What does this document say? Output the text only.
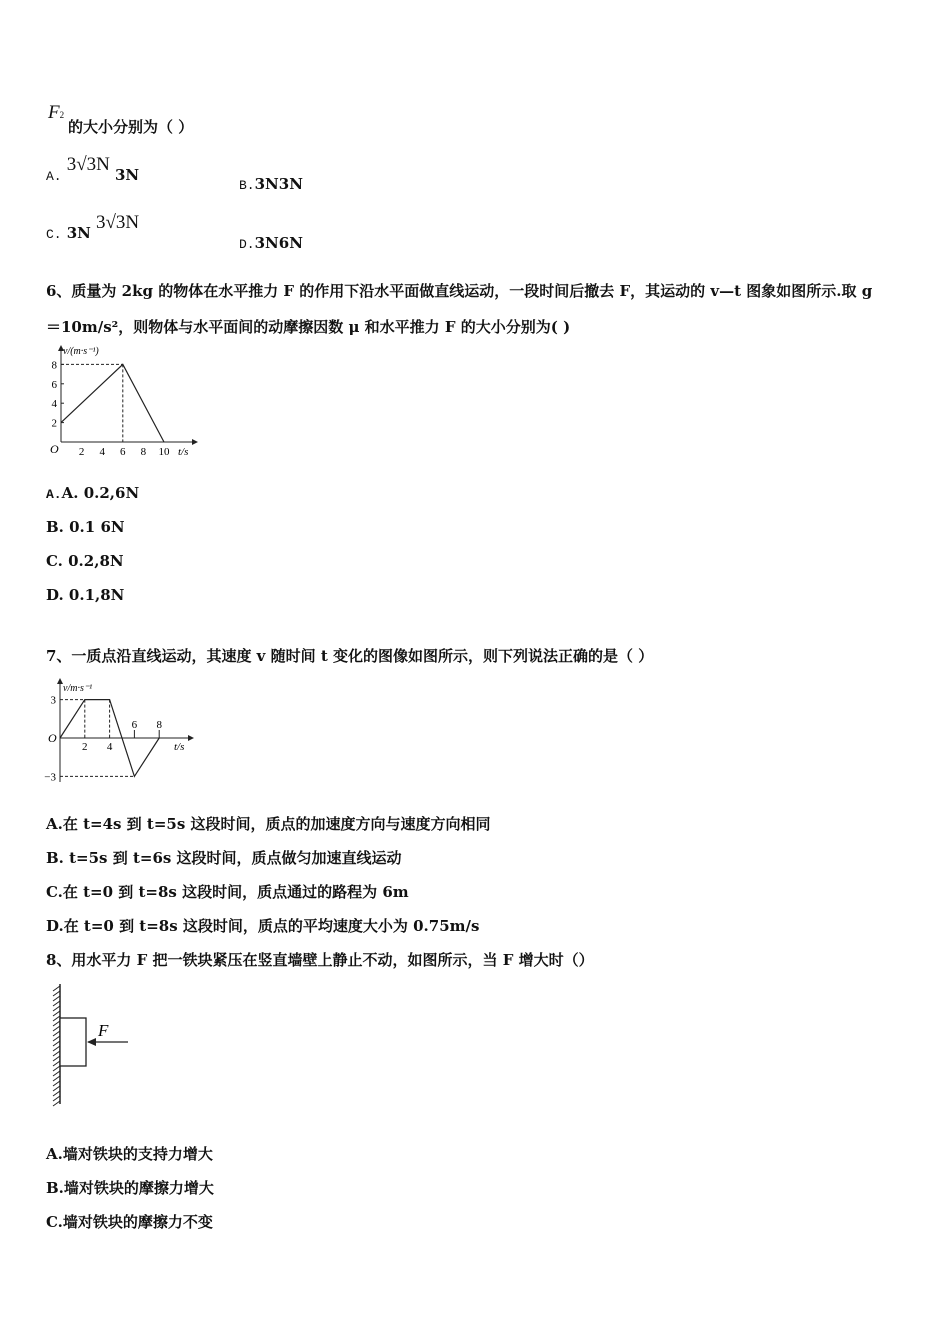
F2
的大小分别为（ ）
A. 3√3N 3N
B.3N3N
C. 3N 3√3N
D.3N6N
6、质量为 2kg 的物体在水平推力 F 的作用下沿水平面做直线运动，一段时间后撤去 F，其运动的 v—t 图象如图所示.取 g
＝10m/s²，则物体与水平面间的动摩擦因数 μ 和水平推力 F 的大小分别为( )
v/(m·s⁻¹)
t/s
O 2 4 6 8 10
2
4
6
8
A.A. 0.2,6N
B. 0.1 6N
C. 0.2,8N
D. 0.1,8N
7、一质点沿直线运动，其速度 v 随时间 t 变化的图像如图所示，则下列说法正确的是（ ）
v/m·s⁻¹
t/s
O
2 4
6 8
3
−3
A.在 t=4s 到 t=5s 这段时间，质点的加速度方向与速度方向相同
B. t=5s 到 t=6s 这段时间，质点做匀加速直线运动
C.在 t=0 到 t=8s 这段时间，质点通过的路程为 6m
D.在 t=0 到 t=8s 这段时间，质点的平均速度大小为 0.75m/s
8、用水平力 F 把一铁块紧压在竖直墙壁上静止不动，如图所示，当 F 增大时（）
F
A.墙对铁块的支持力增大
B.墙对铁块的摩擦力增大
C.墙对铁块的摩擦力不变
